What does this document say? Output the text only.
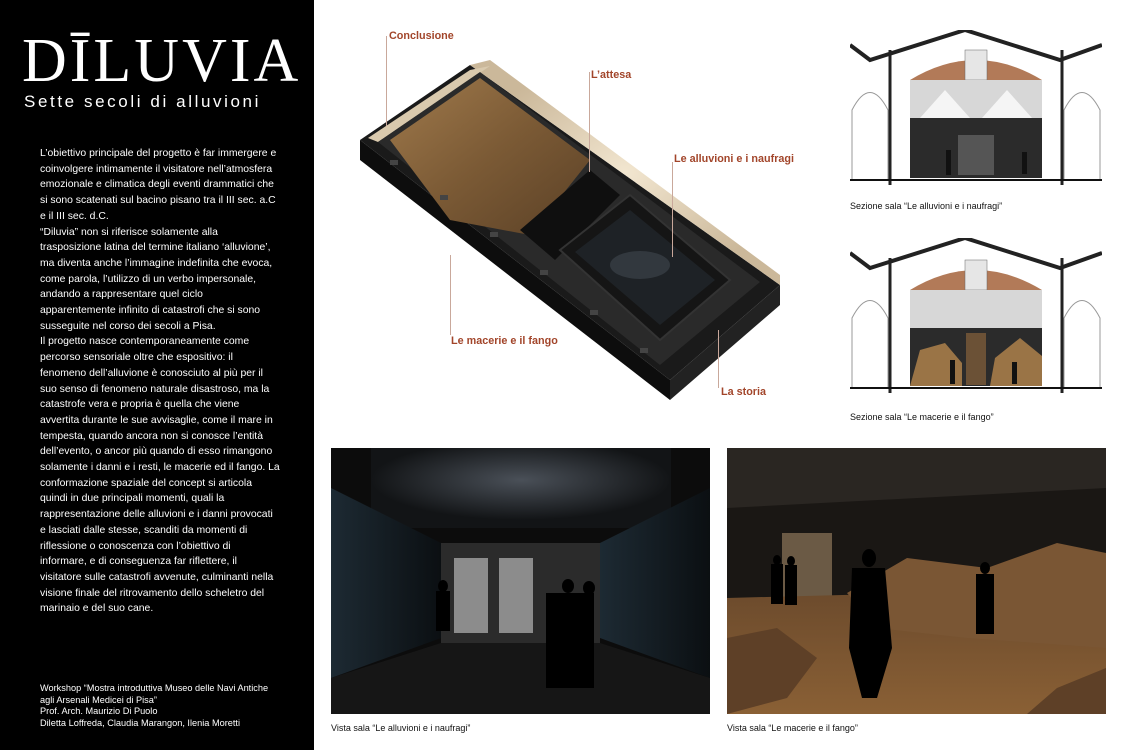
DĪLUVIA
Sette secoli di alluvioni

L’obiettivo principale del progetto è far immergere e coinvolgere intimamente il visitatore nell’atmosfera emozionale e climatica degli eventi drammatici che si sono scatenati sul bacino pisano tra il III sec. a.C e il III sec. d.C.

“Diluvia” non si riferisce solamente alla trasposizione latina del termine italiano ‘alluvione’, ma diventa anche l’immagine indefinita che evoca, come parola, l’utilizzo di un verbo impersonale, andando a rappresentare quel ciclo apparentemente infinito di catastrofi che si sono susseguite nel corso dei secoli a Pisa.

Il progetto nasce contemporaneamente come percorso sensoriale oltre che espositivo: il fenomeno dell’alluvione è conosciuto al più per il suo senso di fenomeno naturale disastroso, ma la catastrofe vera e propria è quella che viene avvertita durante le sue avvisaglie, come il mare in tempesta, quando ancora non si conosce l’entità dell’evento, o ancor più quando di esso rimangono solamente i danni e i resti, le macerie ed il fango. La conformazione spaziale del concept si articola quindi in due principali momenti, quali la rappresentazione delle alluvioni e i danni provocati e lasciati dalle stesse, scanditi da momenti di riflessione o conoscenza con l’obiettivo di informare, e di conseguenza far riflettere, il visitatore sulle catastrofi avvenute, culminanti nella visione finale del ritrovamento dello scheletro del marinaio e del suo cane.

Workshop “Mostra introduttiva Museo delle Navi Antiche
agli Arsenali Medicei di Pisa”
Prof. Arch. Maurizio Di Puolo
Diletta Loffreda, Claudia Marangon, Ilenia Moretti
Conclusione
L’attesa
Le alluvioni e i naufragi
Le macerie e il fango
La storia
Sezione sala “Le alluvioni e i naufragi”
Sezione sala “Le macerie e il fango”
Vista sala “Le alluvioni e i naufragi”	Vista sala “Le macerie e il fango”
